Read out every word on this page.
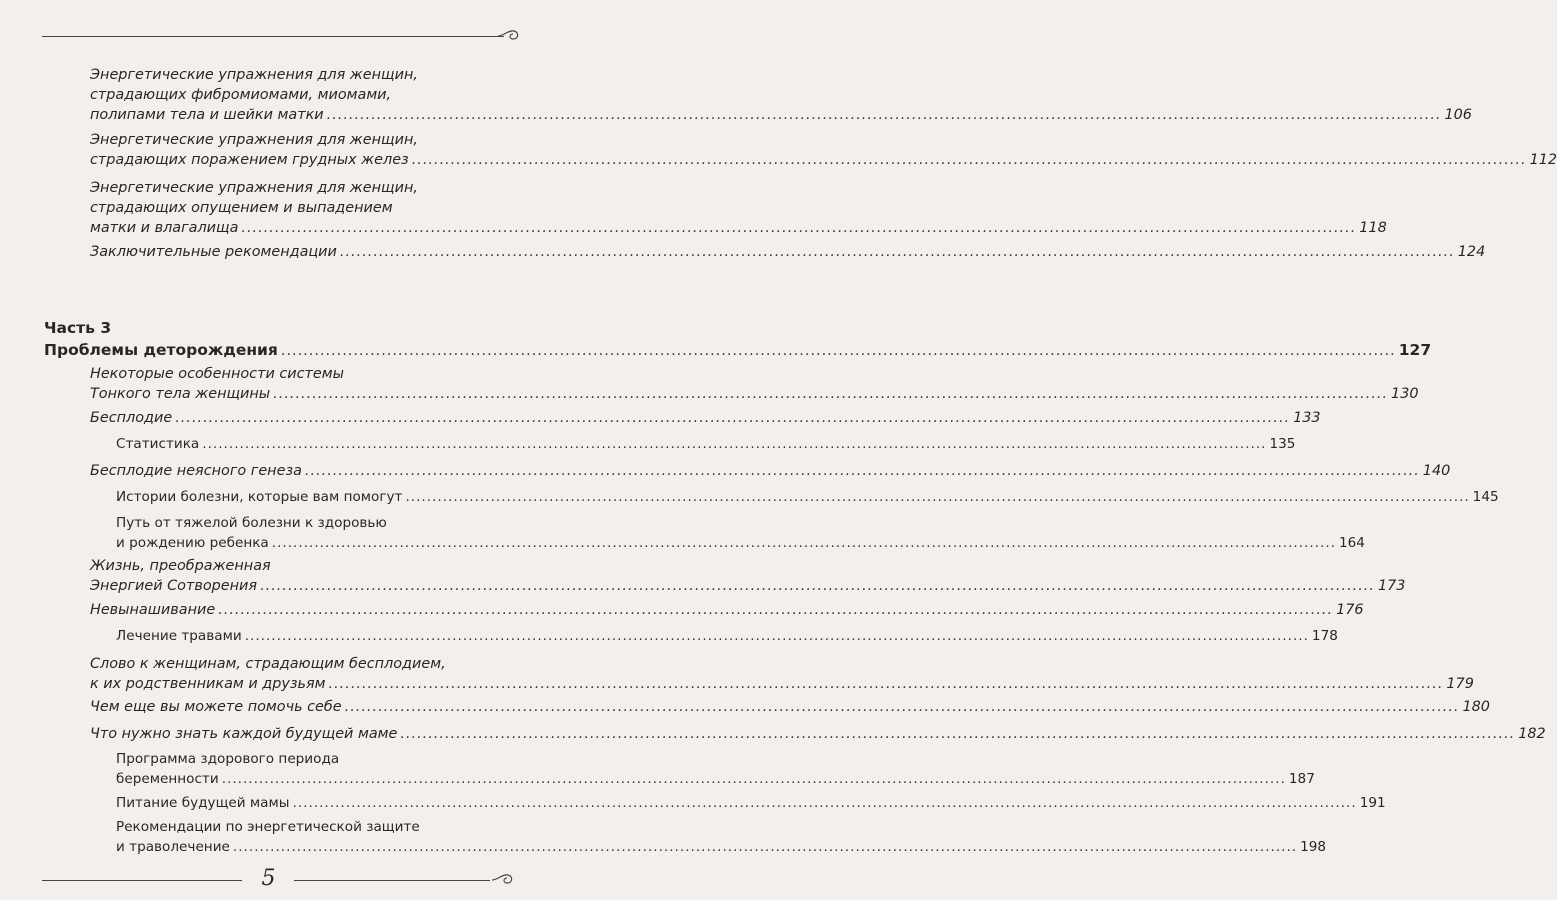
Энергетические упражнения для женщин,
страдающих фибромиомами, миомами,
полипами тела и шейки матки ........................................................................................................................................................................................................ 106
Энергетические упражнения для женщин,
страдающих поражением грудных желез ........................................................................................................................................................................................................ 112
Энергетические упражнения для женщин,
страдающих опущением и выпадением
матки и влагалища ........................................................................................................................................................................................................ 118
Заключительные рекомендации ........................................................................................................................................................................................................ 124
Часть 3
Проблемы деторождения ........................................................................................................................................................................................................ 127
Некоторые особенности системы
Тонкого тела женщины ........................................................................................................................................................................................................ 130
Бесплодие ........................................................................................................................................................................................................ 133
Статистика ........................................................................................................................................................................................................ 135
Бесплодие неясного генеза ........................................................................................................................................................................................................ 140
Истории болезни, которые вам помогут ........................................................................................................................................................................................................ 145
Путь от тяжелой болезни к здоровью
и рождению ребенка ........................................................................................................................................................................................................ 164
Жизнь, преображенная
Энергией Сотворения ........................................................................................................................................................................................................ 173
Невынашивание ........................................................................................................................................................................................................ 176
Лечение травами ........................................................................................................................................................................................................ 178
Слово к женщинам, страдающим бесплодием,
к их родственникам и друзьям ........................................................................................................................................................................................................ 179
Чем еще вы можете помочь себе ........................................................................................................................................................................................................ 180
Что нужно знать каждой будущей маме ........................................................................................................................................................................................................ 182
Программа здорового периода
беременности ........................................................................................................................................................................................................ 187
Питание будущей мамы ........................................................................................................................................................................................................ 191
Рекомендации по энергетической защите
и траволечение ........................................................................................................................................................................................................ 198
5
